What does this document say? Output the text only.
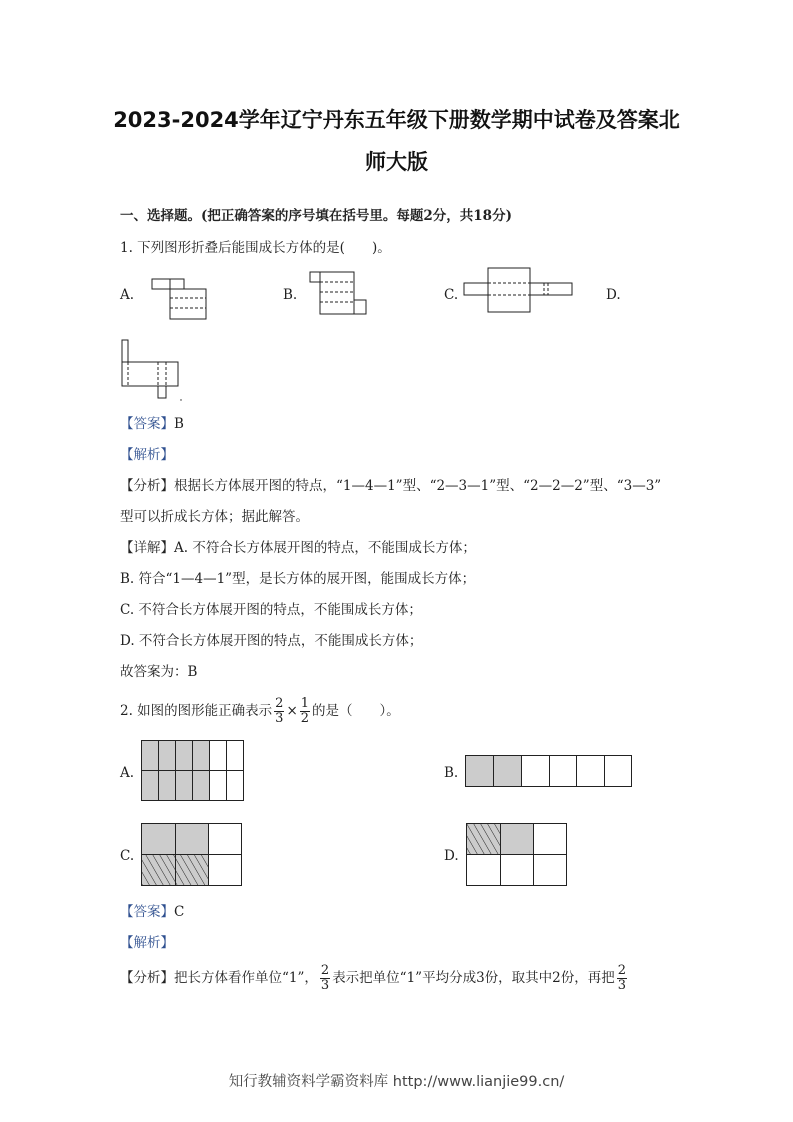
2023-2024学年辽宁丹东五年级下册数学期中试卷及答案北
师大版
一、选择题。(把正确答案的序号填在括号里。每题2分，共18分)
1. 下列图形折叠后能围成长方体的是(　　)。
A.	B.	C.	D.
【答案】B
【解析】
【分析】根据长方体展开图的特点，“1—4—1”型、“2—3—1”型、“2—2—2”型、“3—3”
型可以折成长方体；据此解答。
【详解】A. 不符合长方体展开图的特点，不能围成长方体；
B. 符合“1—4—1”型，是长方体的展开图，能围成长方体；
C. 不符合长方体展开图的特点，不能围成长方体；
D. 不符合长方体展开图的特点，不能围成长方体；
故答案为：B
2. 如图的图形能正确表示 $\frac{2}{3} \times \frac{1}{2}$ 的是（　　）。
A.	B.
C.	D.
【答案】C
【解析】
【分析】把长方体看作单位“1”， $\frac{2}{3}$ 表示把单位“1”平均分成3份，取其中2份，再把 $\frac{2}{3}$
知行教辅资料学霸资料库 http://www.lianjie99.cn/
